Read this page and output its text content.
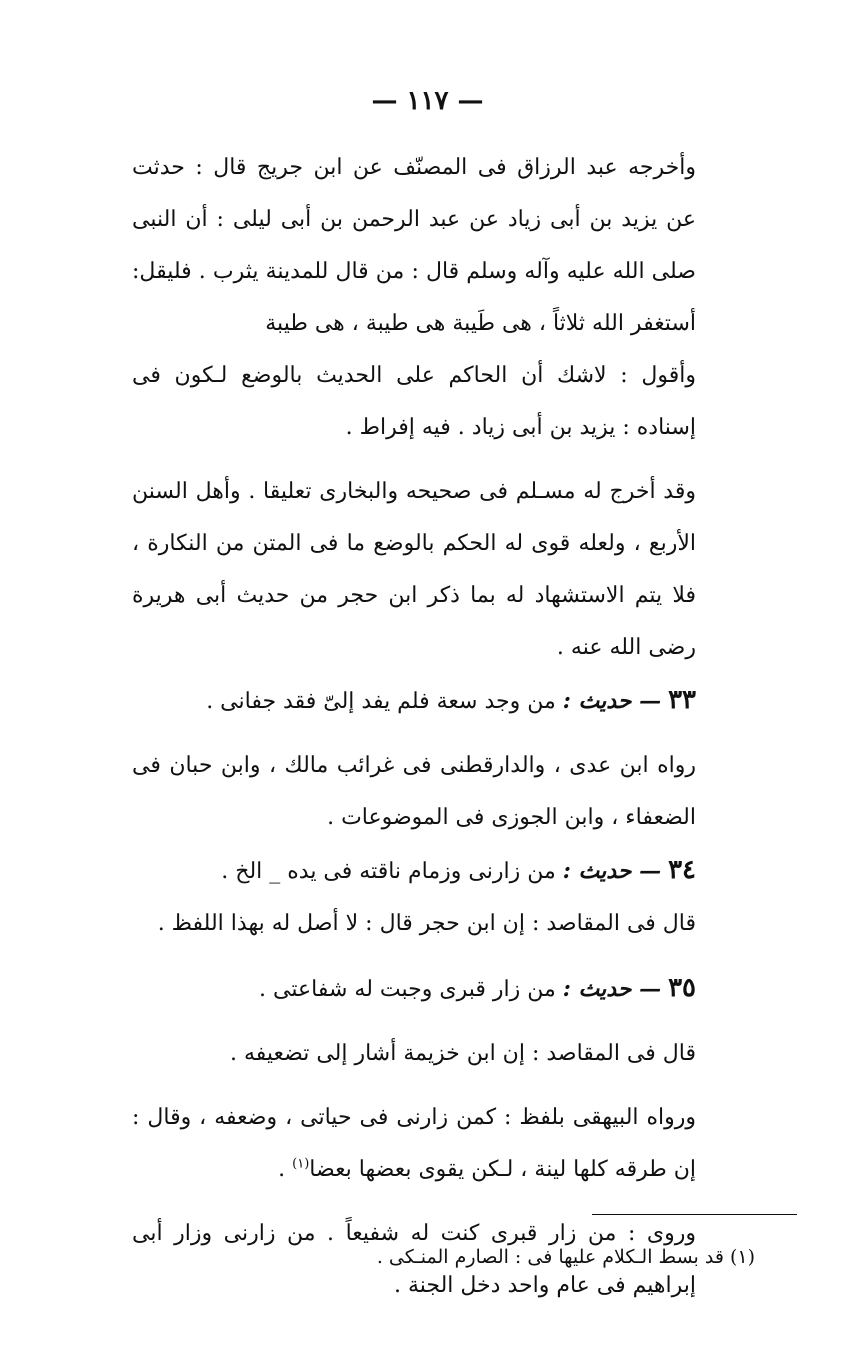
— ١١٧ —

وأخرجه عبد الرزاق فى المصنّف عن ابن جريج قال : حدثت عن يزيد بن أبى زياد عن عبد الرحمن بن أبى ليلى : أن النبى صلى الله عليه وآله وسلم قال : من قال للمدينة يثرب . فليقل: أستغفر الله ثلاثاً ، هى طَيبة هى طيبة ، هى طيبة

وأقول : لاشك أن الحاكم على الحديث بالوضع لـكون فى إسناده : يزيد بن أبى زياد . فيه إفراط .

وقد أخرج له مسـلم فى صحيحه والبخارى تعليقا . وأهل السنن الأربع ، ولعله قوى له الحكم بالوضع ما فى المتن من النكارة ، فلا يتم الاستشهاد له بما ذكر ابن حجر من حديث أبى هريرة رضى الله عنه .

٣٣ — حديث : من وجد سعة فلم يفد إلىّ فقد جفانى .

رواه ابن عدى ، والدارقطنى فى غرائب مالك ، وابن حبان فى الضعفاء ، وابن الجوزى فى الموضوعات .

٣٤ — حديث : من زارنى وزمام ناقته فى يده _ الخ .

قال فى المقاصد : إن ابن حجر قال : لا أصل له بهذا اللفظ .

٣٥ — حديث : من زار قبرى وجبت له شفاعتى .

قال فى المقاصد : إن ابن خزيمة أشار إلى تضعيفه .

ورواه البيهقى بلفظ : كمن زارنى فى حياتى ، وضعفه ، وقال : إن طرقه كلها لينة ، لـكن يقوى بعضها بعضا$^{(١)}$ .

وروى : من زار قبرى كنت له شفيعاً . من زارنى وزار أبى إبراهيم فى عام واحد دخل الجنة .

(١) قد بسط الـكلام عليها فى : الصارم المنـكى .
